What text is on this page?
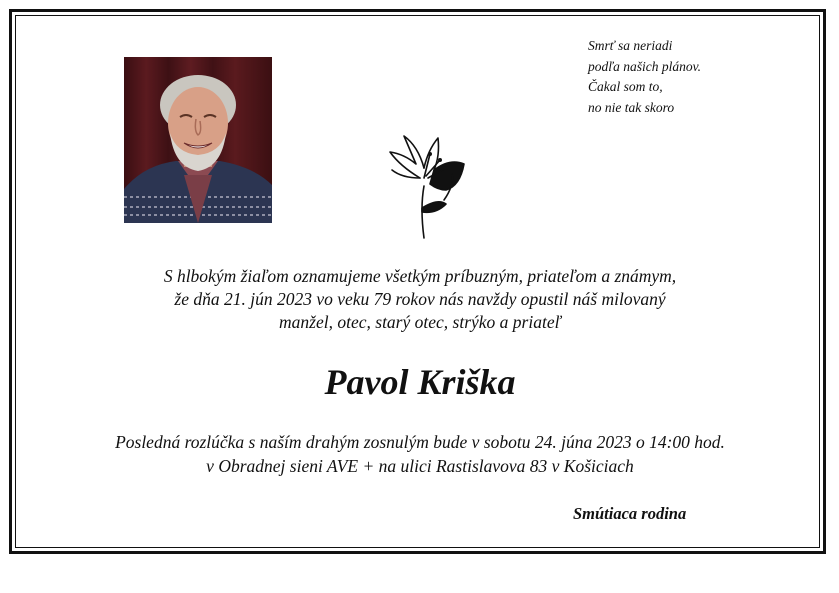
Smrť sa neriadi
podľa našich plánov.
Čakal som to,
no nie tak skoro
S hlbokým žiaľom oznamujeme všetkým príbuzným, priateľom a známym,
že dňa 21. jún 2023 vo veku 79 rokov nás navždy opustil náš milovaný
manžel, otec, starý otec, strýko a priateľ
Pavol Kriška
Posledná rozlúčka s naším drahým zosnulým bude v sobotu 24. júna 2023 o 14:00 hod.
v Obradnej sieni AVE + na ulici Rastislavova 83 v Košiciach
Smútiaca rodina
